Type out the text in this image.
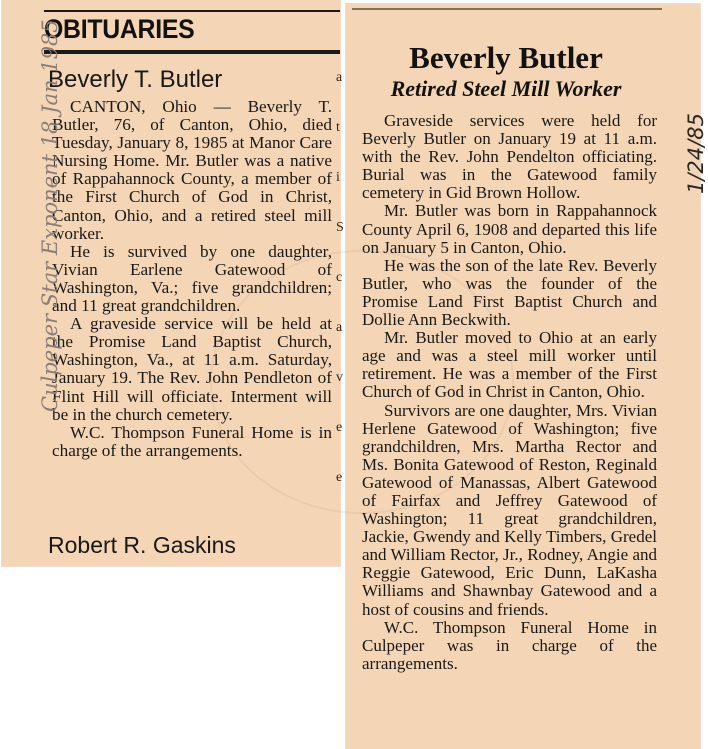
OBITUARIES
Beverly T. Butler

CANTON, Ohio — Beverly T. Butler, 76, of Canton, Ohio, died Tuesday, January 8, 1985 at Manor Care Nursing Home. Mr. Butler was a native of Rappahannock County, a member of the First Church of God in Christ, Canton, Ohio, and a retired steel mill worker.

He is survived by one daughter, Vivian Earlene Gatewood of Washington, Va.; five grandchildren; and 11 great grandchildren.

A graveside service will be held at the Promise Land Baptist Church, Washington, Va., at 11 a.m. Saturday, January 19. The Rev. John Pendleton of Flint Hill will officiate. Interment will be in the church cemetery.

W.C. Thompson Funeral Home is in charge of the arrangements.

Robert R. Gaskins
Culpeper Star Exponent 18 Jan 1985	a
t
i
S
c
a
v
e
e
Beverly Butler
Retired Steel Mill Worker

Graveside services were held for Beverly Butler on January 19 at 11 a.m. with the Rev. John Pendelton officiating. Burial was in the Gatewood family cemetery in Gid Brown Hollow.

Mr. Butler was born in Rappahannock County April 6, 1908 and departed this life on January 5 in Canton, Ohio.

He was the son of the late Rev. Beverly Butler, who was the founder of the Promise Land First Baptist Church and Dollie Ann Beckwith.

Mr. Butler moved to Ohio at an early age and was a steel mill worker until retirement. He was a member of the First Church of God in Christ in Canton, Ohio.

Survivors are one daughter, Mrs. Vivian Herlene Gatewood of Washington; five grandchildren, Mrs. Martha Rector and Ms. Bonita Gatewood of Reston, Reginald Gatewood of Manassas, Albert Gatewood of Fairfax and Jeffrey Gatewood of Washington; 11 great grandchildren, Jackie, Gwendy and Kelly Timbers, Gredel and William Rector, Jr., Rodney, Angie and Reggie Gatewood, Eric Dunn, LaKasha Williams and Shawnbay Gatewood and a host of cousins and friends.

W.C. Thompson Funeral Home in Culpeper was in charge of the arrangements.

1/24/85
